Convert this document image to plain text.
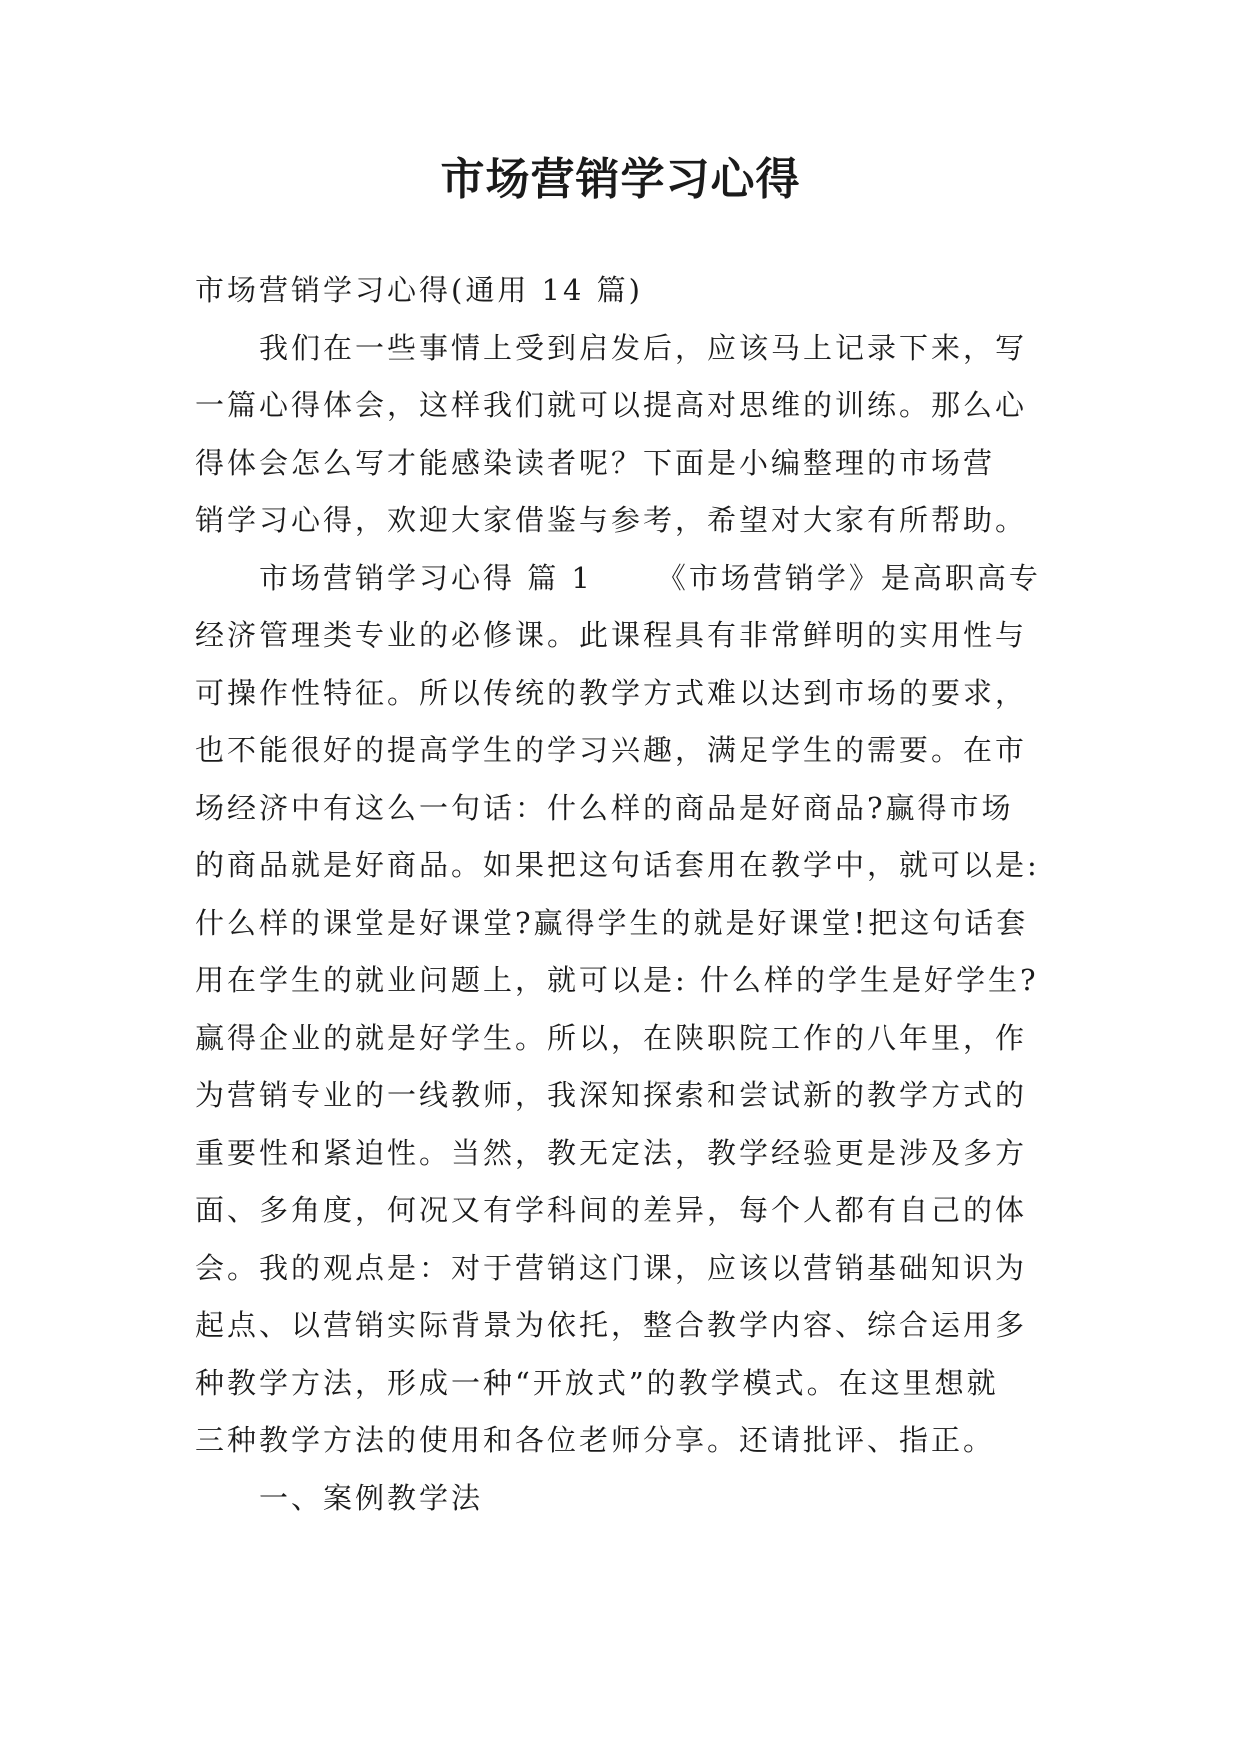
市场营销学习心得
市场营销学习心得(通用 14 篇)
我们在一些事情上受到启发后，应该马上记录下来，写
一篇心得体会，这样我们就可以提高对思维的训练。那么心
得体会怎么写才能感染读者呢？下面是小编整理的市场营
销学习心得，欢迎大家借鉴与参考，希望对大家有所帮助。
市场营销学习心得 篇 1 《市场营销学》是高职高专
经济管理类专业的必修课。此课程具有非常鲜明的实用性与
可操作性特征。所以传统的教学方式难以达到市场的要求，
也不能很好的提高学生的学习兴趣，满足学生的需要。在市
场经济中有这么一句话：什么样的商品是好商品?赢得市场
的商品就是好商品。如果把这句话套用在教学中，就可以是:
什么样的课堂是好课堂?赢得学生的就是好课堂!把这句话套
用在学生的就业问题上，就可以是: 什么样的学生是好学生?
赢得企业的就是好学生。所以，在陕职院工作的八年里，作
为营销专业的一线教师，我深知探索和尝试新的教学方式的
重要性和紧迫性。当然，教无定法，教学经验更是涉及多方
面、多角度，何况又有学科间的差异，每个人都有自己的体
会。我的观点是：对于营销这门课，应该以营销基础知识为
起点、以营销实际背景为依托，整合教学内容、综合运用多
种教学方法，形成一种“开放式”的教学模式。在这里想就
三种教学方法的使用和各位老师分享。还请批评、指正。
一、案例教学法
